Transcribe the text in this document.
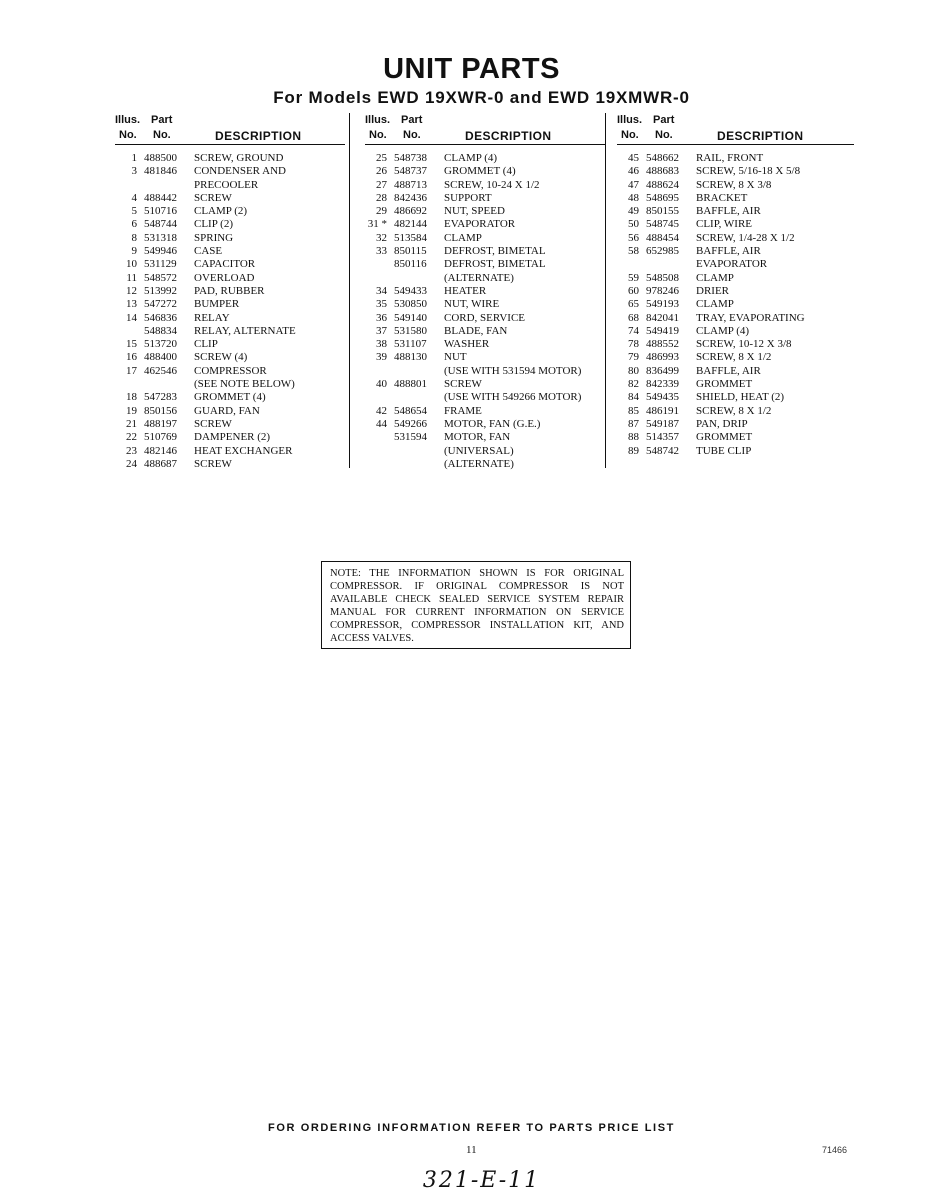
UNIT PARTS
For Models EWD 19XWR-0 and EWD 19XMWR-0
Illus. Part
No. No.	DESCRIPTION
1 488500 SCREW, GROUND
3 481846 CONDENSER AND
PRECOOLER
4 488442 SCREW
5 510716 CLAMP (2)
6 548744 CLIP (2)
8 531318 SPRING
9 549946 CASE
10 531129 CAPACITOR
11 548572 OVERLOAD
12 513992 PAD, RUBBER
13 547272 BUMPER
14 546836 RELAY
548834 RELAY, ALTERNATE
15 513720 CLIP
16 488400 SCREW (4)
17 462546 COMPRESSOR
(SEE NOTE BELOW)
18 547283 GROMMET (4)
19 850156 GUARD, FAN
21 488197 SCREW
22 510769 DAMPENER (2)
23 482146 HEAT EXCHANGER
24 488687 SCREW
Illus. Part
No. No.	DESCRIPTION
25 548738 CLAMP (4)
26 548737 GROMMET (4)
27 488713 SCREW, 10-24 X 1/2
28 842436 SUPPORT
29 486692 NUT, SPEED
31 * 482144 EVAPORATOR
32 513584 CLAMP
33 850115 DEFROST, BIMETAL
850116 DEFROST, BIMETAL
(ALTERNATE)
34 549433 HEATER
35 530850 NUT, WIRE
36 549140 CORD, SERVICE
37 531580 BLADE, FAN
38 531107 WASHER
39 488130 NUT
(USE WITH 531594 MOTOR)
40 488801 SCREW
(USE WITH 549266 MOTOR)
42 548654 FRAME
44 549266 MOTOR, FAN (G.E.)
531594 MOTOR, FAN
(UNIVERSAL)
(ALTERNATE)
Illus. Part
No. No.	DESCRIPTION
45 548662 RAIL, FRONT
46 488683 SCREW, 5/16-18 X 5/8
47 488624 SCREW, 8 X 3/8
48 548695 BRACKET
49 850155 BAFFLE, AIR
50 548745 CLIP, WIRE
56 488454 SCREW, 1/4-28 X 1/2
58 652985 BAFFLE, AIR
EVAPORATOR
59 548508 CLAMP
60 978246 DRIER
65 549193 CLAMP
68 842041 TRAY, EVAPORATING
74 549419 CLAMP (4)
78 488552 SCREW, 10-12 X 3/8
79 486993 SCREW, 8 X 1/2
80 836499 BAFFLE, AIR
82 842339 GROMMET
84 549435 SHIELD, HEAT (2)
85 486191 SCREW, 8 X 1/2
87 549187 PAN, DRIP
88 514357 GROMMET
89 548742 TUBE CLIP
NOTE: THE INFORMATION SHOWN IS FOR ORIGINAL COMPRESSOR. IF ORIGINAL COMPRESSOR IS NOT AVAILABLE CHECK SEALED SERVICE SYSTEM REPAIR MANUAL FOR CURRENT INFORMATION ON SERVICE COMPRESSOR, COMPRESSOR INSTALLATION KIT, AND ACCESS VALVES.
FOR ORDERING INFORMATION REFER TO PARTS PRICE LIST
11	71466
321-E-11
